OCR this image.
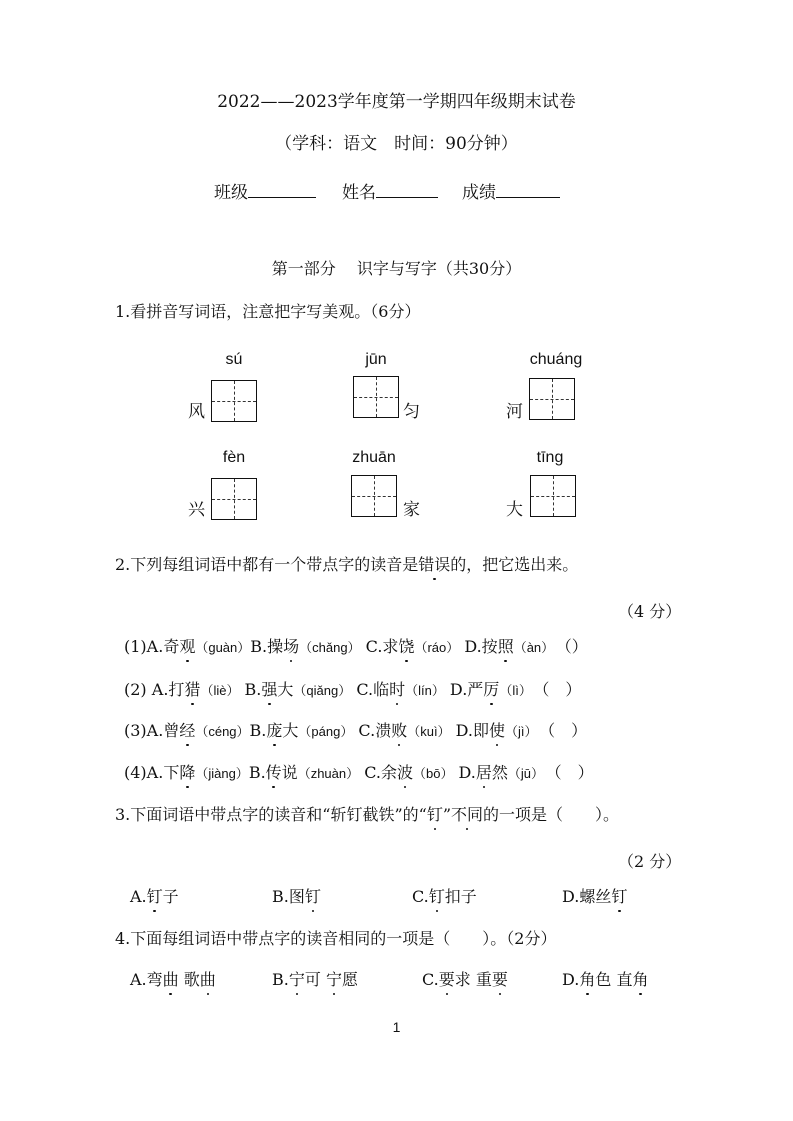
2022——2023学年度第一学期四年级期末试卷
（学科：语文　时间：90分钟）
班级	姓名	成绩
第一部分　 识字与写字（共30分）
1.看拼音写词语，注意把字写美观。（6分）
sú
风
jūn
匀
chuáng
河
fèn
兴
zhuān
家
tīng
大
2.下列每组词语中都有一个带点字的读音是错误的，把它选出来。
（4 分）
(1)A.奇观（guàn）B.操场（chǎng） C.求饶（ráo） D.按照（àn）　 （）
(2) A.打猎（liè） B.强大（qiǎng） C.临时（lín） D.严厉（lì）　 （　）
(3)A.曾经（céng）B.庞大（páng） C.溃败（kuì） D.即使（jì）　 （　）
(4)A.下降（jiàng）B.传说（zhuàn） C.余波（bō） D.居然（jū）　 （　）
3.下面词语中带点字的读音和“斩钉截铁”的“钉”不同的一项是（　　）。
（2 分）
A.钉子	B.图钉	C.钉扣子	D.螺丝钉
4.下面每组词语中带点字的读音相同的一项是（　　）。（2分）
A.弯曲 歌曲	B.宁可 宁愿	C.要求 重要	D.角色 直角
1
